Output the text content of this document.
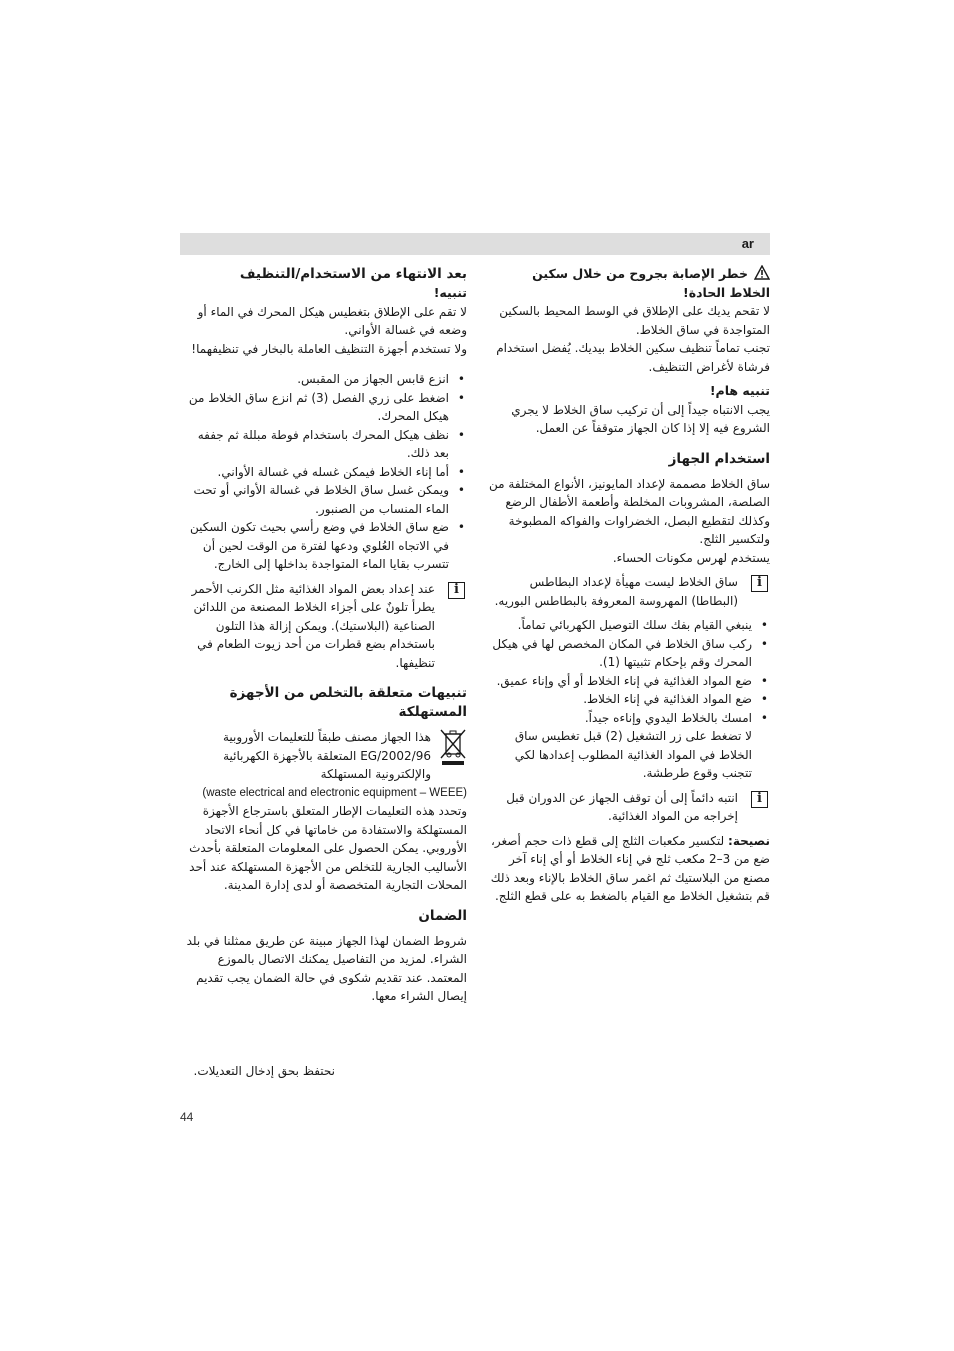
ar

خطر الإصابة بجروح من خلال سكين الخلاط الحادة!

لا تقحم يديك على الإطلاق في الوسط المحيط بالسكين المتواجدة في ساق الخلاط.

تجنب تماماً تنظيف سكين الخلاط بيديك. يُفضل استخدام فرشاة لأغراض التنظيف.

تنبيه هام!

يجب الانتباه جيداً إلى أن تركيب ساق الخلاط لا يجري الشروع فيه إلا إذا كان الجهاز متوقفاً عن العمل.

استخدام الجهاز

ساق الخلاط مصممة لإعداد المايونيز، الأنواع المختلفة من الصلصة، المشروبات المخلطة وأطعمة الأطفال الرضع وكذلك لتقطيع البصل، الخضراوات والفواكه المطبوخة ولتكسير الثلج.

يستخدم لهرس مكونات الحساء.

i

ساق الخلاط ليست مهيأة لإعداد البطاطس (البطاطا) المهروسة المعروفة بالبطاطس البوريه.

• ينبغي القيام بفك سلك التوصيل الكهربائي تماماً.
• ركب ساق الخلاط في المكان المخصص لها في هيكل المحرك وقم بإحكام تثبيتها (1).
• ضع المواد الغذائية في إناء الخلاط أو أي وإناء عميق.
• ضع المواد الغذائية في إناء الخلاط.
• امسك بالخلاط اليدوي وإناءه جيداً.

لا تضغط على زر التشغيل (2) قبل تغطيس ساق الخلاط في المواد الغذائية المطلوب إعدادها لكي تتجنب وقوع طرطشة.

i

انتبه دائماً إلى أن توقف الجهاز عن الدوران قبل إخراجه من المواد الغذائية.

نصيحة: لتكسير مكعبات الثلج إلى قطع ذات حجم أصغر، ضع من 3–2 مكعب ثلج في إناء الخلاط أو أي إناء آخر مصنع من البلاستيك ثم اغمر ساق الخلاط بالإناء وبعد ذلك قم بتشغيل الخلاط مع القيام بالضغط به على قطع الثلج.

بعد الانتهاء من الاستخدام/التنظيف

تنبيه!

لا تقم على الإطلاق بتغطيس هيكل المحرك في الماء أو وضعه في غسالة الأواني.

ولا تستخدم أجهزة التنظيف العاملة بالبخار في تنظيفهما!

• انزع قابس الجهاز من المقبس.
• اضغط على زري الفصل (3) ثم انزع ساق الخلاط من هيكل المحرك.
• نظف هيكل المحرك باستخدام فوطة مبللة ثم جففه بعد ذلك.
• أما إناء الخلاط فيمكن غسله في غسالة الأواني.
• ويمكن غسل ساق الخلاط في غسالة الأواني أو تحت الماء المنساب من الصنبور.
• ضع ساق الخلاط في وضع رأسي بحيث تكون السكين في الاتجاه العُلوي ودعها لفترة من الوقت لحين أن تتسرب بقايا الماء المتواجدة بداخلها إلى الخارج.
i

عند إعداد بعض المواد الغذائية مثل الكرنب الأحمر يطرأ تلونٌ على أجزاء الخلاط المصنعة من اللدائن الصناعية (البلاستيك). ويمكن إزالة هذا التلون باستخدام بضع قطرات من أحد زيوت الطعام في تنظيفها.

تنبيهات متعلقة بالتخلص من الأجهزة المستهلكة

هذا الجهاز مصنف طبقاً للتعليمات الأوروبية 2002/96/EG المتعلقة بالأجهزة الكهربائية والإلكترونية المستهلكة

(waste electrical and electronic equipment – WEEE)

وتحدد هذه التعليمات الإطار المتعلق باسترجاع الأجهزة المستهلكة والاستفادة من خاماتها في كل أنحاء الاتحاد الأوروبي. يمكن الحصول على المعلومات المتعلقة بأحدث الأساليب الجارية للتخلص من الأجهزة المستهلكة عند أحد المحلات التجارية المتخصصة أو لدى إدارة المدينة.

الضمان

شروط الضمان لهذا الجهاز مبينة عن طريق ممثلنا في بلد الشراء. لمزيد من التفاصيل يمكنك الاتصال بالموزع المعتمد. عند تقديم شكوى في حالة الضمان يجب تقديم إيصال الشراء معها.

نحتفظ بحق إدخال التعديلات.

44
